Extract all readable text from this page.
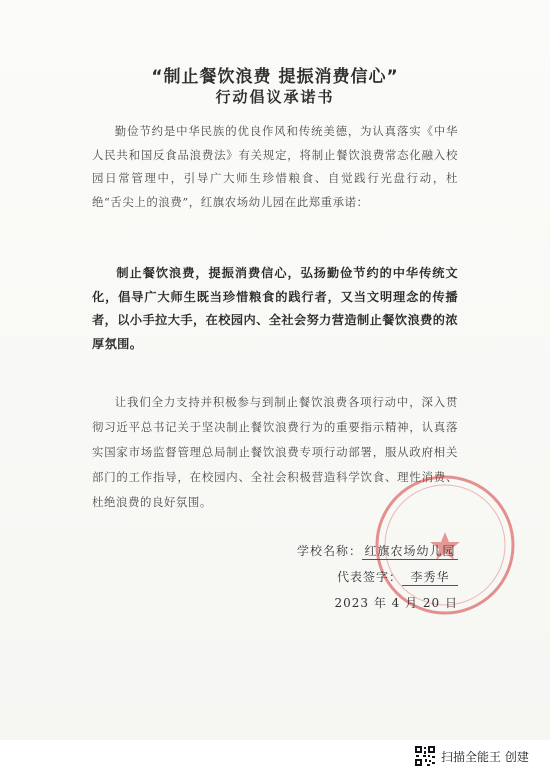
“制止餐饮浪费 提振消费信心”
行动倡议承诺书

勤俭节约是中华民族的优良作风和传统美德，为认真落实《中华人民共和国反食品浪费法》有关规定，将制止餐饮浪费常态化融入校园日常管理中，引导广大师生珍惜粮食、自觉践行光盘行动，杜绝“舌尖上的浪费”，红旗农场幼儿园在此郑重承诺：

制止餐饮浪费，提振消费信心，弘扬勤俭节约的中华传统文化，倡导广大师生既当珍惜粮食的践行者，又当文明理念的传播者，以小手拉大手，在校园内、全社会努力营造制止餐饮浪费的浓厚氛围。

让我们全力支持并积极参与到制止餐饮浪费各项行动中，深入贯彻习近平总书记关于坚决制止餐饮浪费行为的重要指示精神，认真落实国家市场监督管理总局制止餐饮浪费专项行动部署，服从政府相关部门的工作指导，在校园内、全社会积极营造科学饮食、理性消费、杜绝浪费的良好氛围。

学校名称： 红旗农场幼儿园
代表签字： 李秀华
2023 年 4 月 20 日
扫描全能王 创建
